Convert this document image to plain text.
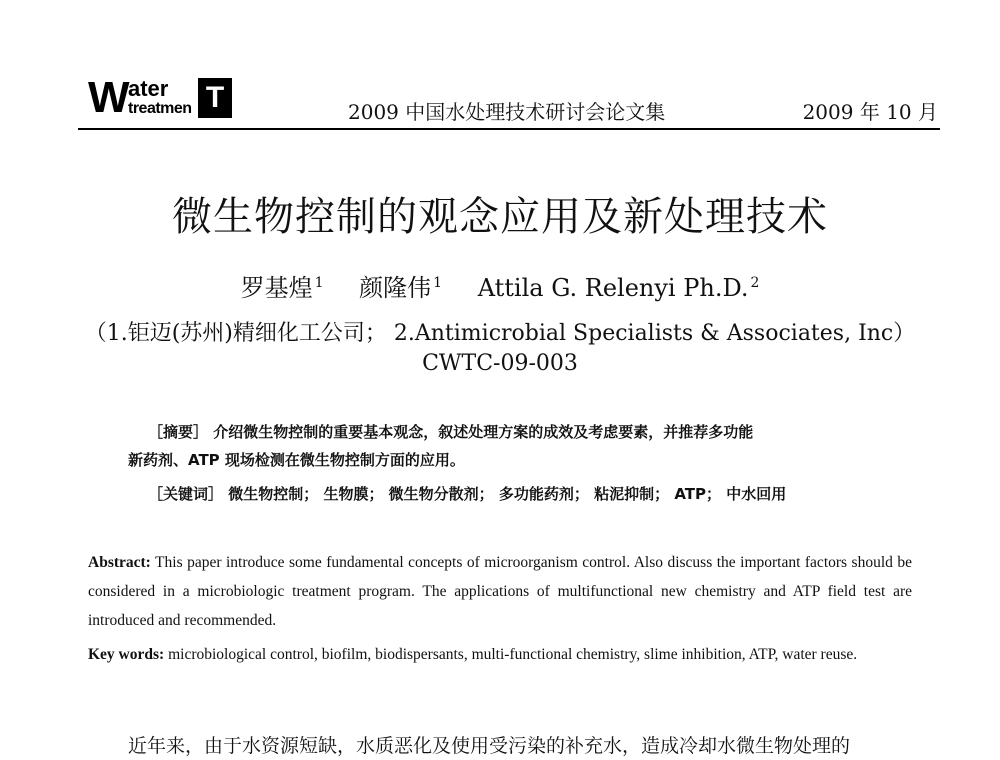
W ater
treatmen T	2009 中国水处理技术研讨会论文集	2009 年 10 月
微生物控制的观念应用及新处理技术
罗基煌 $^1$ 颜隆伟 $^1$ Attila G. Relenyi Ph.D. $^2$
（1.钜迈(苏州)精细化工公司； 2.Antimicrobial Specialists & Associates, Inc）
CWTC-09-003
［摘要］ 介绍微生物控制的重要基本观念，叙述处理方案的成效及考虑要素，并推荐多功能
新药剂、ATP 现场检测在微生物控制方面的应用。
［关键词］ 微生物控制； 生物膜； 微生物分散剂； 多功能药剂； 粘泥抑制； ATP； 中水回用
Abstract: This paper introduce some fundamental concepts of microorganism control. Also discuss the important factors should be considered in a microbiologic treatment program. The applications of multifunctional new chemistry and ATP field test are introduced and recommended.
Key words: microbiological control, biofilm, biodispersants, multi-functional chemistry, slime inhibition, ATP, water reuse.
近年来，由于水资源短缺，水质恶化及使用受污染的补充水，造成冷却水微生物处理的
